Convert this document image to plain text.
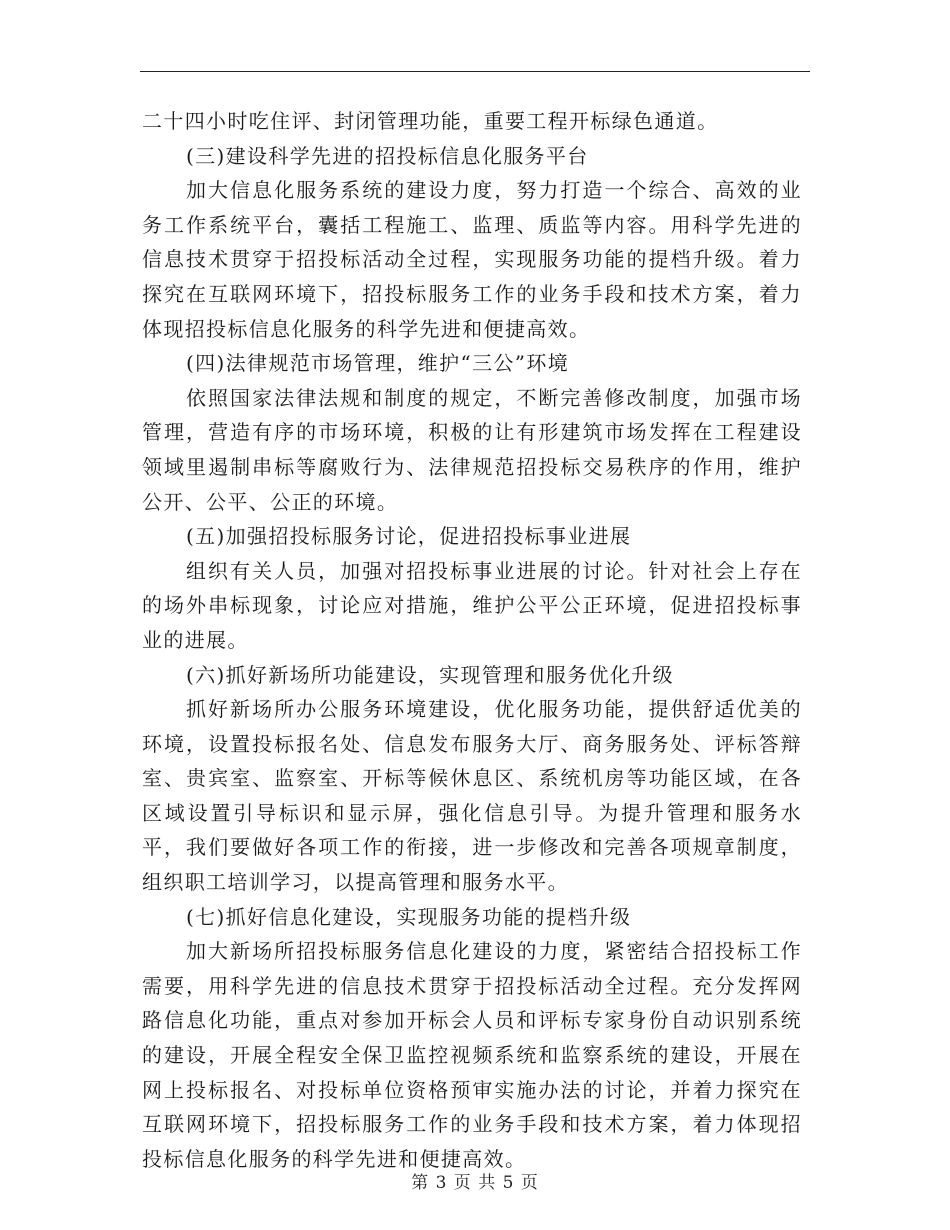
二十四小时吃住评、封闭管理功能，重要工程开标绿色通道。

(三)建设科学先进的招投标信息化服务平台

加大信息化服务系统的建设力度，努力打造一个综合、高效的业务工作系统平台，囊括工程施工、监理、质监等内容。用科学先进的信息技术贯穿于招投标活动全过程，实现服务功能的提档升级。着力探究在互联网环境下，招投标服务工作的业务手段和技术方案，着力体现招投标信息化服务的科学先进和便捷高效。

(四)法律规范市场管理，维护“三公”环境

依照国家法律法规和制度的规定，不断完善修改制度，加强市场管理，营造有序的市场环境，积极的让有形建筑市场发挥在工程建设领域里遏制串标等腐败行为、法律规范招投标交易秩序的作用，维护公开、公平、公正的环境。

(五)加强招投标服务讨论，促进招投标事业进展

组织有关人员，加强对招投标事业进展的讨论。针对社会上存在的场外串标现象，讨论应对措施，维护公平公正环境，促进招投标事业的进展。

(六)抓好新场所功能建设，实现管理和服务优化升级

抓好新场所办公服务环境建设，优化服务功能，提供舒适优美的环境，设置投标报名处、信息发布服务大厅、商务服务处、评标答辩室、贵宾室、监察室、开标等候休息区、系统机房等功能区域，在各区域设置引导标识和显示屏，强化信息引导。为提升管理和服务水平，我们要做好各项工作的衔接，进一步修改和完善各项规章制度，组织职工培训学习，以提高管理和服务水平。

(七)抓好信息化建设，实现服务功能的提档升级

加大新场所招投标服务信息化建设的力度，紧密结合招投标工作需要，用科学先进的信息技术贯穿于招投标活动全过程。充分发挥网路信息化功能，重点对参加开标会人员和评标专家身份自动识别系统的建设，开展全程安全保卫监控视频系统和监察系统的建设，开展在网上投标报名、对投标单位资格预审实施办法的讨论，并着力探究在互联网环境下，招投标服务工作的业务手段和技术方案，着力体现招投标信息化服务的科学先进和便捷高效。

第 3 页 共 5 页
